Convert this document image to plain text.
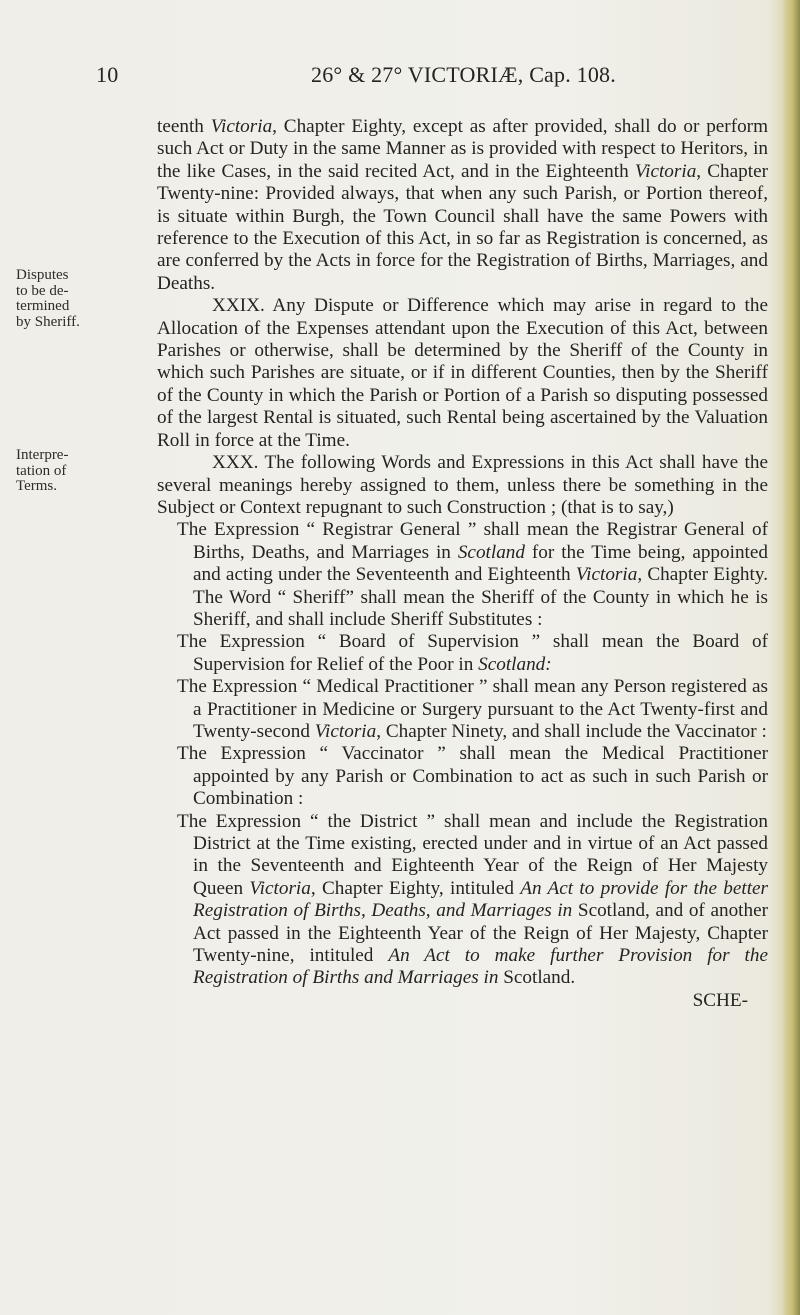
10	26° & 27° VICTORIÆ, Cap. 108.
Disputes
to be de-
termined
by Sheriff.
Interpre-
tation of
Terms.

teenth Victoria, Chapter Eighty, except as after provided, shall do or perform such Act or Duty in the same Manner as is provided with respect to Heritors, in the like Cases, in the said recited Act, and in the Eighteenth Victoria, Chapter Twenty-nine: Provided always, that when any such Parish, or Portion thereof, is situate within Burgh, the Town Council shall have the same Powers with reference to the Execution of this Act, in so far as Registration is concerned, as are conferred by the Acts in force for the Registration of Births, Marriages, and Deaths.

XXIX. Any Dispute or Difference which may arise in regard to the Allocation of the Expenses attendant upon the Execution of this Act, between Parishes or otherwise, shall be determined by the Sheriff of the County in which such Parishes are situate, or if in different Counties, then by the Sheriff of the County in which the Parish or Portion of a Parish so disputing possessed of the largest Rental is situated, such Rental being ascertained by the Valuation Roll in force at the Time.

XXX. The following Words and Expressions in this Act shall have the several meanings hereby assigned to them, unless there be something in the Subject or Context repugnant to such Construction ; (that is to say,)

The Expression “ Registrar General ” shall mean the Registrar General of Births, Deaths, and Marriages in Scotland for the Time being, appointed and acting under the Seventeenth and Eighteenth Victoria, Chapter Eighty. The Word “ Sheriff” shall mean the Sheriff of the County in which he is Sheriff, and shall include Sheriff Substitutes :

The Expression “ Board of Supervision ” shall mean the Board of Supervision for Relief of the Poor in Scotland:

The Expression “ Medical Practitioner ” shall mean any Person registered as a Practitioner in Medicine or Surgery pursuant to the Act Twenty-first and Twenty-second Victoria, Chapter Ninety, and shall include the Vaccinator :

The Expression “ Vaccinator ” shall mean the Medical Practitioner appointed by any Parish or Combination to act as such in such Parish or Combination :

The Expression “ the District ” shall mean and include the Registration District at the Time existing, erected under and in virtue of an Act passed in the Seventeenth and Eighteenth Year of the Reign of Her Majesty Queen Victoria, Chapter Eighty, intituled An Act to provide for the better Registration of Births, Deaths, and Marriages in Scotland, and of another Act passed in the Eighteenth Year of the Reign of Her Majesty, Chapter Twenty-nine, intituled An Act to make further Provision for the Registration of Births and Marriages in Scotland.

SCHE-
